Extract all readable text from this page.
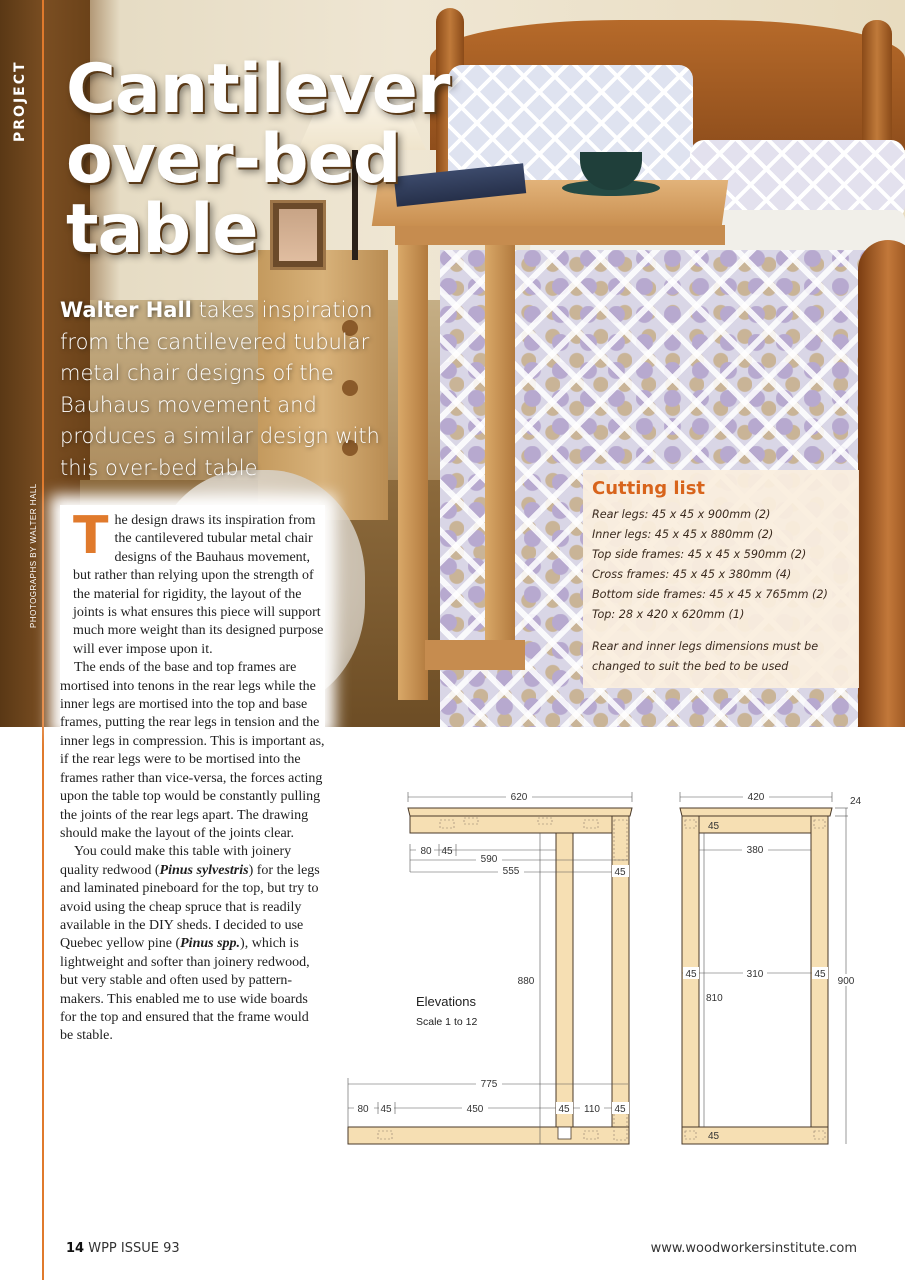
PROJECT
PHOTOGRAPHS BY WALTER HALL
Cantilever
over-bed
table

Walter Hall takes inspiration from the cantilevered tubular metal chair designs of the Bauhaus movement and produces a similar design with this over-bed table

Cutting list
Rear legs: 45 x 45 x 900mm (2)
Inner legs: 45 x 45 x 880mm (2)
Top side frames: 45 x 45 x 590mm (2)
Cross frames: 45 x 45 x 380mm (4)
Bottom side frames: 45 x 45 x 765mm (2)
Top: 28 x 420 x 620mm (1)
Rear and inner legs dimensions must be changed to suit the bed to be used

The design draws its inspiration from the cantilevered tubular metal chair designs of the Bauhaus movement, but rather than relying upon the strength of the material for rigidity, the layout of the joints is what ensures this piece will support much more weight than its designed purpose will ever impose upon it.

The ends of the base and top frames are mortised into tenons in the rear legs while the inner legs are mortised into the top and base frames, putting the rear legs in tension and the inner legs in compression. This is important as, if the rear legs were to be mortised into the frames rather than vice-versa, the forces acting upon the table top would be constantly pulling the joints of the rear legs apart. The drawing should make the layout of the joints clear.

You could make this table with joinery quality redwood (Pinus sylvestris) for the legs and laminated pineboard for the top, but try to avoid using the cheap spruce that is readily available in the DIY sheds. I decided to use Quebec yellow pine (Pinus spp.), which is lightweight and softer than joinery redwood, but very stable and often used by pattern-makers. This enabled me to use wide boards for the top and ensured that the frame would be stable.

620
80 45
590
555	45
880
Elevations
Scale 1 to 12
775
80 45	450	45 110 45
420	24
45
380
45	310	45
900
810
45
14 WPP ISSUE 93	www.woodworkersinstitute.com
